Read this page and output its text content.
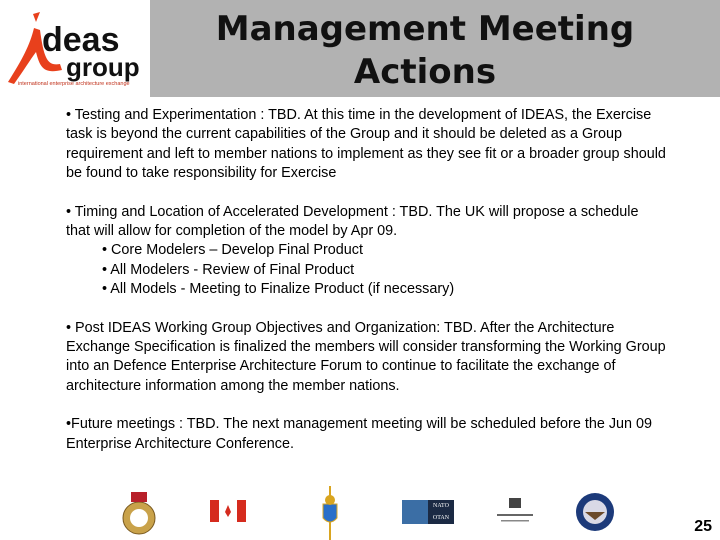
deas
group
international enterprise architecture exchange
Management Meeting
Actions
• Testing and Experimentation : TBD. At this time in the development of IDEAS, the Exercise task is beyond the current capabilities of the Group and it should be deleted as a Group requirement and left to member nations to implement as they see fit or a broader group should be found to take responsibility for Exercise
• Timing and Location of Accelerated Development : TBD. The UK will propose a schedule that will allow for completion of the model by Apr 09.
• Core Modelers – Develop Final Product
• All Modelers - Review of Final Product
• All Models - Meeting to Finalize Product (if necessary)
• Post IDEAS Working Group Objectives and Organization: TBD. After the Architecture Exchange Specification is finalized the members will consider transforming the Working Group into an Defence Enterprise Architecture Forum to continue to facilitate the exchange of architecture information among the member nations.
•Future meetings : TBD. The next management meeting will be scheduled before the Jun 09 Enterprise Architecture Conference.
NATO
OTAN	25
